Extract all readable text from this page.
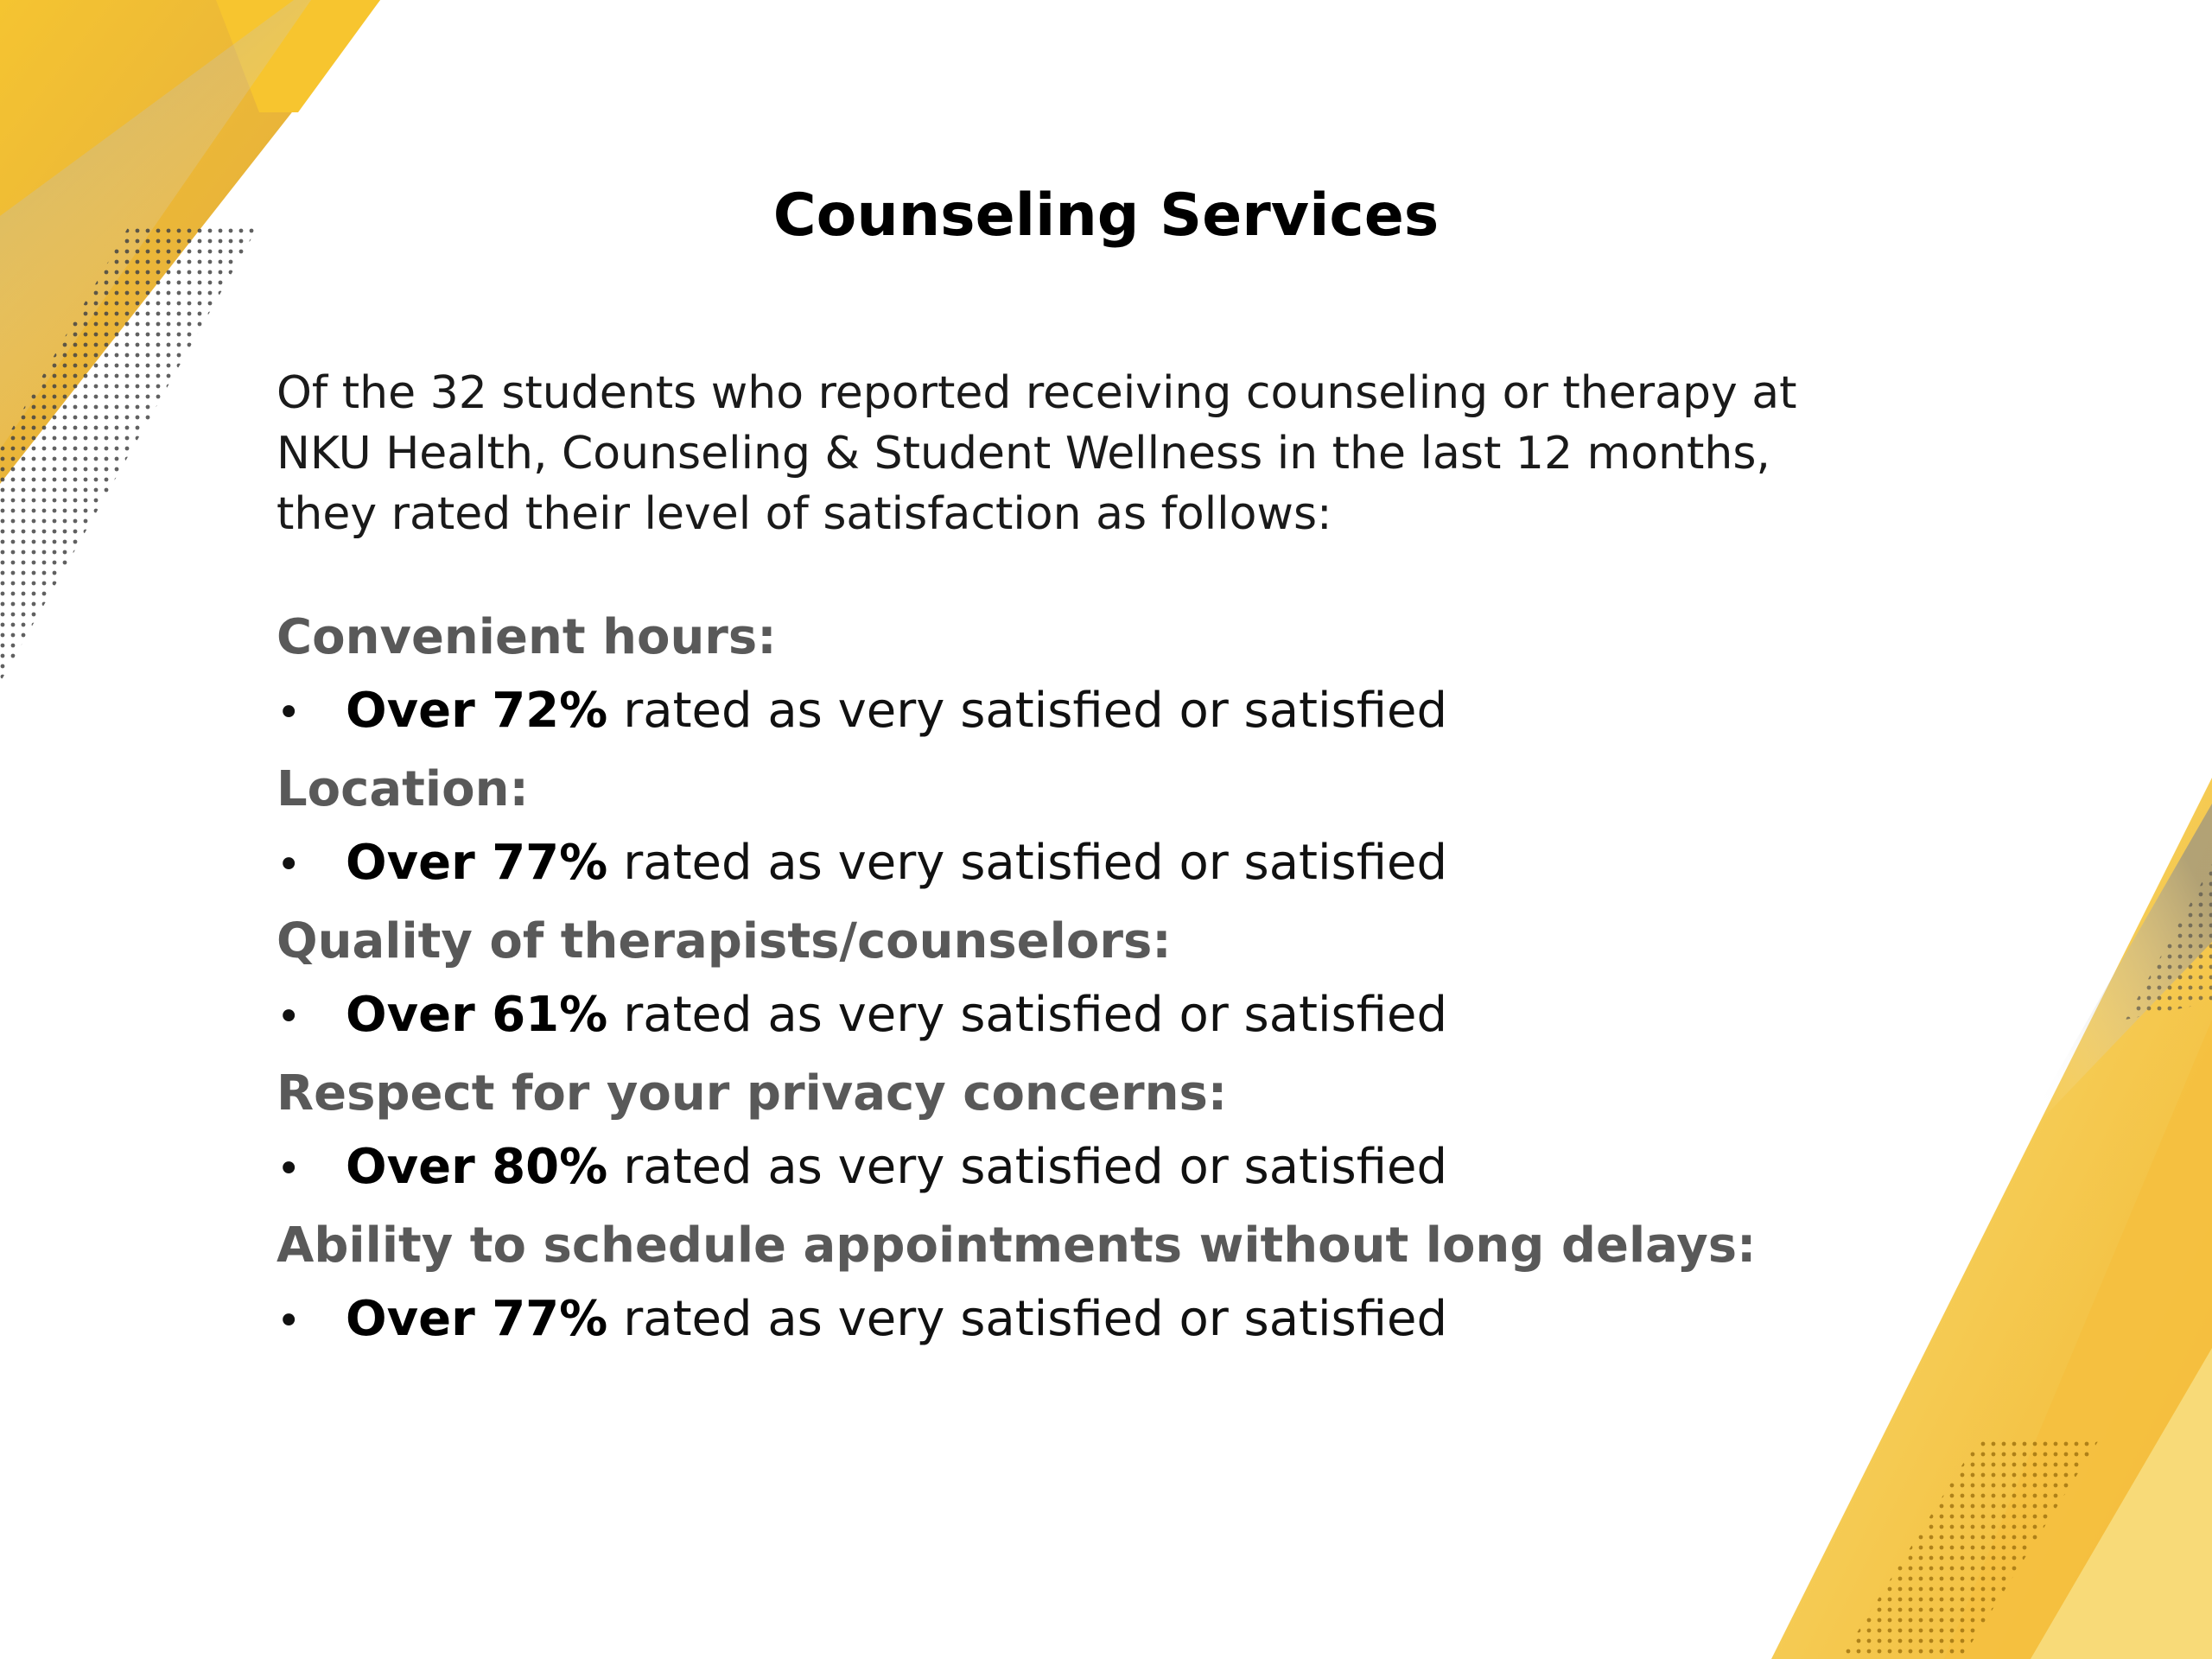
Counseling Services

Of the 32 students who reported receiving counseling or therapy at NKU Health, Counseling & Student Wellness in the last 12 months, they rated their level of satisfaction as follows:

Convenient hours:

• Over 72% rated as very satisfied or satisfied

Location:

• Over 77% rated as very satisfied or satisfied

Quality of therapists/counselors:

• Over 61% rated as very satisfied or satisfied

Respect for your privacy concerns:

• Over 80% rated as very satisfied or satisfied

Ability to schedule appointments without long delays:

• Over 77% rated as very satisfied or satisfied
